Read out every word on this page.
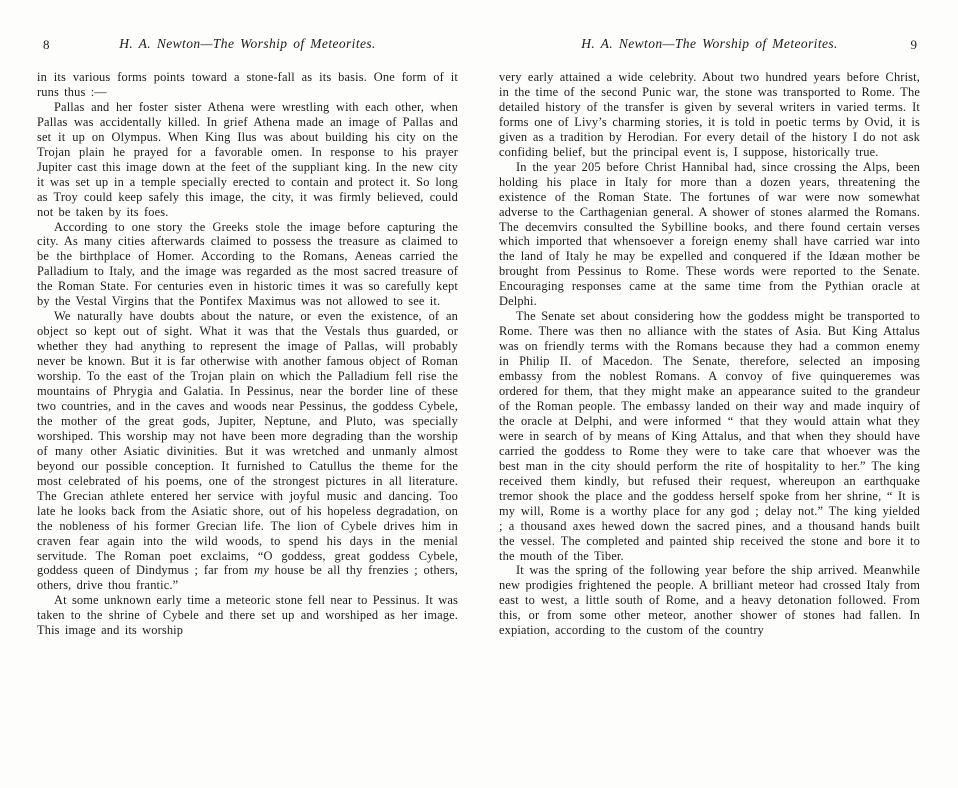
8	H. A. Newton—The Worship of Meteorites.

in its various forms points toward a stone-fall as its basis. One form of it runs thus :—

Pallas and her foster sister Athena were wrestling with each other, when Pallas was accidentally killed. In grief Athena made an image of Pallas and set it up on Olympus. When King Ilus was about building his city on the Trojan plain he prayed for a favorable omen. In response to his prayer Jupiter cast this image down at the feet of the suppliant king. In the new city it was set up in a temple specially erected to contain and protect it. So long as Troy could keep safely this image, the city, it was firmly believed, could not be taken by its foes.

According to one story the Greeks stole the image before capturing the city. As many cities afterwards claimed to possess the treasure as claimed to be the birthplace of Homer. According to the Romans, Aeneas carried the Palladium to Italy, and the image was regarded as the most sacred treasure of the Roman State. For centuries even in historic times it was so carefully kept by the Vestal Virgins that the Pontifex Maximus was not allowed to see it.

We naturally have doubts about the nature, or even the existence, of an object so kept out of sight. What it was that the Vestals thus guarded, or whether they had anything to represent the image of Pallas, will probably never be known. But it is far otherwise with another famous object of Roman worship. To the east of the Trojan plain on which the Palladium fell rise the mountains of Phrygia and Galatia. In Pessinus, near the border line of these two countries, and in the caves and woods near Pessinus, the goddess Cybele, the mother of the great gods, Jupiter, Neptune, and Pluto, was specially worshiped. This worship may not have been more degrading than the worship of many other Asiatic divinities. But it was wretched and unmanly almost beyond our possible conception. It furnished to Catullus the theme for the most celebrated of his poems, one of the strongest pictures in all literature. The Grecian athlete entered her service with joyful music and dancing. Too late he looks back from the Asiatic shore, out of his hopeless degradation, on the nobleness of his former Grecian life. The lion of Cybele drives him in craven fear again into the wild woods, to spend his days in the menial servitude. The Roman poet exclaims, “O goddess, great goddess Cybele, goddess queen of Dindymus ; far from my house be all thy frenzies ; others, others, drive thou frantic.”

At some unknown early time a meteoric stone fell near to Pessinus. It was taken to the shrine of Cybele and there set up and worshiped as her image. This image and its worship

H. A. Newton—The Worship of Meteorites.	9

very early attained a wide celebrity. About two hundred years before Christ, in the time of the second Punic war, the stone was transported to Rome. The detailed history of the transfer is given by several writers in varied terms. It forms one of Livy’s charming stories, it is told in poetic terms by Ovid, it is given as a tradition by Herodian. For every detail of the history I do not ask confiding belief, but the principal event is, I suppose, historically true.

In the year 205 before Christ Hannibal had, since crossing the Alps, been holding his place in Italy for more than a dozen years, threatening the existence of the Roman State. The fortunes of war were now somewhat adverse to the Carthagenian general. A shower of stones alarmed the Romans. The decemvirs consulted the Sybilline books, and there found certain verses which imported that whensoever a foreign enemy shall have carried war into the land of Italy he may be expelled and conquered if the Idæan mother be brought from Pessinus to Rome. These words were reported to the Senate. Encouraging responses came at the same time from the Pythian oracle at Delphi.

The Senate set about considering how the goddess might be transported to Rome. There was then no alliance with the states of Asia. But King Attalus was on friendly terms with the Romans because they had a common enemy in Philip II. of Macedon. The Senate, therefore, selected an imposing embassy from the noblest Romans. A convoy of five quinqueremes was ordered for them, that they might make an appearance suited to the grandeur of the Roman people. The embassy landed on their way and made inquiry of the oracle at Delphi, and were informed “ that they would attain what they were in search of by means of King Attalus, and that when they should have carried the goddess to Rome they were to take care that whoever was the best man in the city should perform the rite of hospitality to her.” The king received them kindly, but refused their request, whereupon an earthquake tremor shook the place and the goddess herself spoke from her shrine, “ It is my will, Rome is a worthy place for any god ; delay not.” The king yielded ; a thousand axes hewed down the sacred pines, and a thousand hands built the vessel. The completed and painted ship received the stone and bore it to the mouth of the Tiber.

It was the spring of the following year before the ship arrived. Meanwhile new prodigies frightened the people. A brilliant meteor had crossed Italy from east to west, a little south of Rome, and a heavy detonation followed. From this, or from some other meteor, another shower of stones had fallen. In expiation, according to the custom of the country
